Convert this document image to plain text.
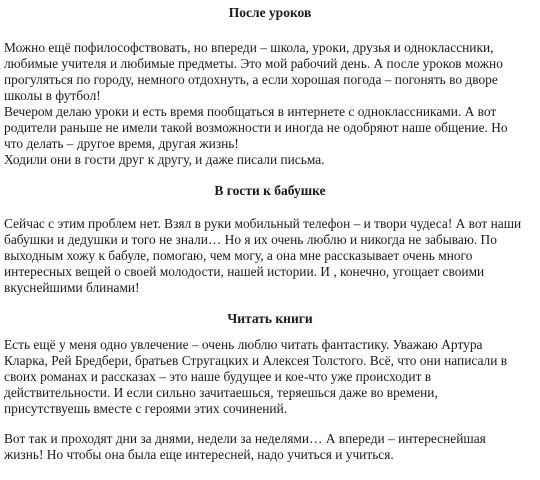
После уроков

Можно ещё пофилософствовать, но впереди – школа, уроки, друзья и одноклассники,

любимые учителя и любимые предметы. Это мой рабочий день. А после уроков можно

прогуляться по городу, немного отдохнуть, а если хорошая погода – погонять во дворе

школы в футбол!

Вечером делаю уроки и есть время пообщаться в интернете с одноклассниками. А вот

родители раньше не имели такой возможности и иногда не одобряют наше общение. Но

что делать – другое время, другая жизнь!

Ходили они в гости друг к другу, и даже писали письма.

В гости к бабушке

Сейчас с этим проблем нет. Взял в руки мобильный телефон – и твори чудеса! А вот наши

бабушки и дедушки и того не знали… Но я их очень люблю и никогда не забываю. По

выходным хожу к бабуле, помогаю, чем могу, а она мне рассказывает очень много

интересных вещей о своей молодости, нашей истории. И , конечно, угощает своими

вкуснейшими блинами!

Читать книги

Есть ещё у меня одно увлечение – очень люблю читать фантастику. Уважаю Артура

Кларка, Рей Бредбери, братьев Стругацких и Алексея Толстого. Всё, что они написали в

своих романах и рассказах – это наше будущее и кое-что уже происходит в

действительности. И если сильно зачитаешься, теряешься даже во времени,

присутствуешь вместе с героями этих сочинений.

Вот так и проходят дни за днями, недели за неделями… А впереди – интереснейшая

жизнь! Но чтобы она была еще интересней, надо учиться и учиться.
